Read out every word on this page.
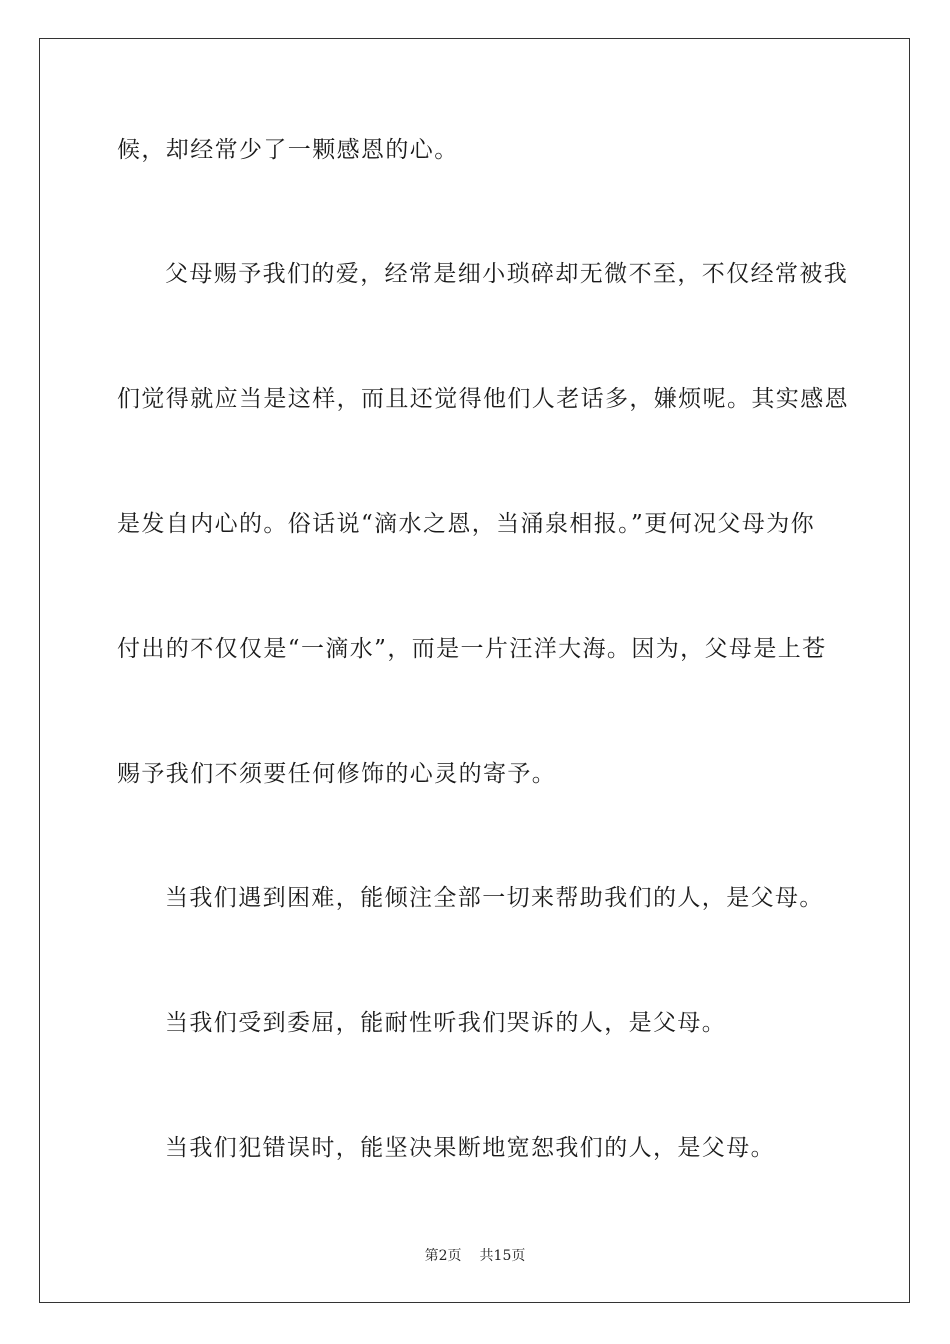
候，却经常少了一颗感恩的心。
父母赐予我们的爱，经常是细小琐碎却无微不至，不仅经常被我
们觉得就应当是这样，而且还觉得他们人老话多，嫌烦呢。其实感恩
是发自内心的。俗话说“滴水之恩，当涌泉相报。”更何况父母为你
付出的不仅仅是“一滴水”，而是一片汪洋大海。因为，父母是上苍
赐予我们不须要任何修饰的心灵的寄予。
当我们遇到困难，能倾注全部一切来帮助我们的人，是父母。
当我们受到委屈，能耐性听我们哭诉的人，是父母。
当我们犯错误时，能坚决果断地宽恕我们的人，是父母。
第2页 共15页
